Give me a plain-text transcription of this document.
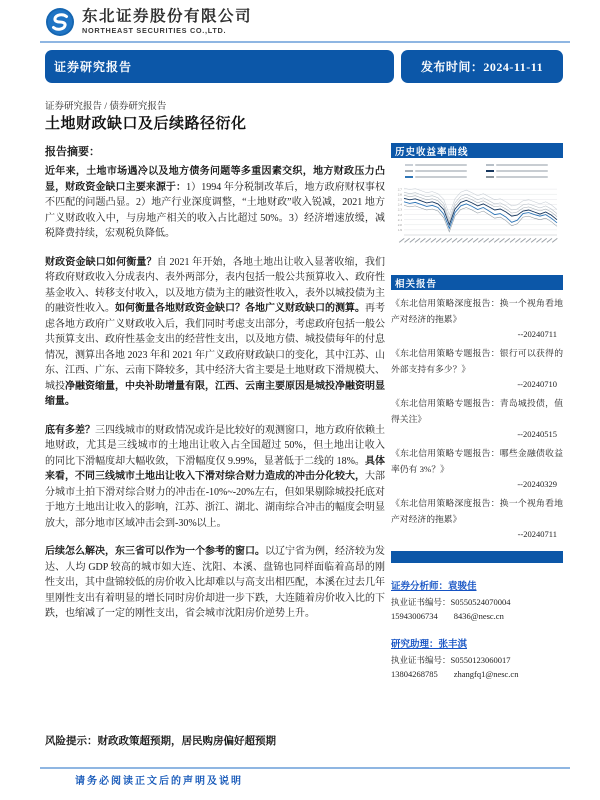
东北证券股份有限公司
NORTHEAST SECURITIES CO.,LTD.
证券研究报告	发布时间：2024-11-11
证券研究报告 / 债券研究报告
土地财政缺口及后续路径衍化
报告摘要：

近年来，土地市场遇冷以及地方债务问题等多重因素交织，地方财政压力凸显，财政资金缺口主要来源于：1）1994 年分税制改革后，地方政府财权事权不匹配的问题凸显。2）地产行业深度调整，“土地财政”收入锐减，2021 地方广义财政收入中，与房地产相关的收入占比超过 50%。3）经济增速放缓，减税降费持续，宏观税负降低。

财政资金缺口如何衡量？自 2021 年开始，各地土地出让收入显著收缩，我们将政府财政收入分成表内、表外两部分，表内包括一般公共预算收入、政府性基金收入、转移支付收入，以及地方债为主的融资性收入，表外以城投债为主的融资性收入。如何衡量各地财政资金缺口？各地广义财政缺口的测算。再考虑各地方政府广义财政收入后，我们同时考虑支出部分，考虑政府包括一般公共预算支出、政府性基金支出的经营性支出，以及地方债、城投债每年的付息情况，测算出各地 2023 年和 2021 年广义政府财政缺口的变化，其中江苏、山东、江西、广东、云南下降较多，其中经济大省主要是土地财政下滑规模大、城投净融资缩量，中央补助增量有限，江西、云南主要原因是城投净融资明显缩量。

底有多差？三四线城市的财政情况或许是比较好的观测窗口，地方政府依赖土地财政，尤其是三线城市的土地出让收入占全国超过 50%，但土地出让收入的同比下滑幅度却大幅收敛，下滑幅度仅 9.99%，显著低于二线的 18%。具体来看，不同三线城市土地出让收入下滑对综合财力造成的冲击分化较大，大部分城市土拍下滑对综合财力的冲击在-10%~-20%左右，但如果剔除城投托底对于地方土地出让收入的影响，江苏、浙江、湖北、湖南综合冲击的幅度会明显放大，部分地市区域冲击会到-30%以上。

后续怎么解决，东三省可以作为一个参考的窗口。以辽宁省为例，经济较为发达、人均 GDP 较高的城市如大连、沈阳、本溪、盘锦也同样面临着高昂的刚性支出，其中盘锦较低的房价收入比却难以与高支出相匹配，本溪在过去几年里刚性支出有着明显的增长同时房价却进一步下跌，大连随着房价收入比的下跌，也缩减了一定的刚性支出，省会城市沈阳房价逆势上升。

历史收益率曲线
1.9
2.0
2.1
2.2
2.3
2.4
2.5
2.6
2.7
相关报告
《东北信用策略深度报告：换一个视角看地产对经济的拖累》
--20240711
《东北信用策略专题报告：银行可以获得的外部支持有多少？》
--20240710
《东北信用策略专题报告：青岛城投债，值得关注》
--20240515
《东北信用策略专题报告：哪些金融债收益率仍有 3%？》
--20240329
《东北信用策略深度报告：换一个视角看地产对经济的拖累》
--20240711
证券分析师：袁骏佳
执业证书编号：S0550524070004
15943006734 8436@nesc.cn
研究助理：张丰淇
执业证书编号：S0550123060017
13804268785 zhangfq1@nesc.cn
风险提示：财政政策超预期，居民购房偏好超预期
请务必阅读正文后的声明及说明
